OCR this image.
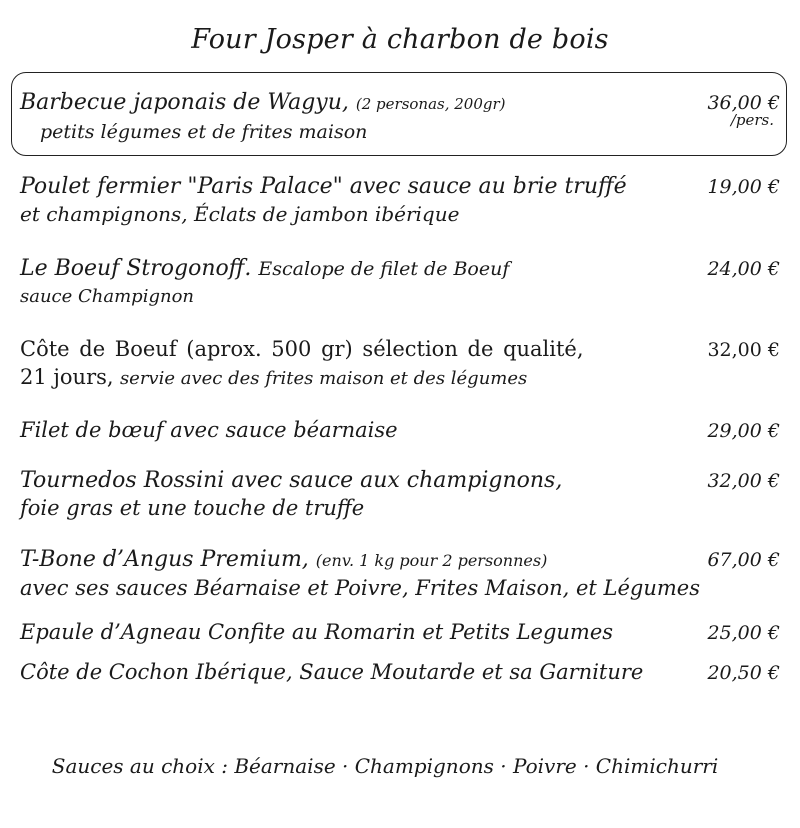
Four Josper à charbon de bois
Barbecue japonais de Wagyu, (2 personas, 200gr)
petits légumes et de frites maison
36,00 €
/pers.
Poulet fermier "Paris Palace" avec sauce au brie truffé
et champignons, Éclats de jambon ibérique
19,00 €
Le Boeuf Strogonoff. Escalope de filet de Boeuf
sauce Champignon
24,00 €
Côte de Boeuf (aprox. 500 gr) sélection de qualité,
21 jours, servie avec des frites maison et des légumes
32,00 €
Filet de bœuf avec sauce béarnaise	29,00 €
Tournedos Rossini avec sauce aux champignons,
foie gras et une touche de truffe
32,00 €
T-Bone d’Angus Premium, (env. 1 kg pour 2 personnes)
avec ses sauces Béarnaise et Poivre, Frites Maison, et Légumes
67,00 €
Epaule d’Agneau Confite au Romarin et Petits Legumes	25,00 €
Côte de Cochon Ibérique, Sauce Moutarde et sa Garniture	20,50 €
Sauces au choix : Béarnaise · Champignons · Poivre · Chimichurri
